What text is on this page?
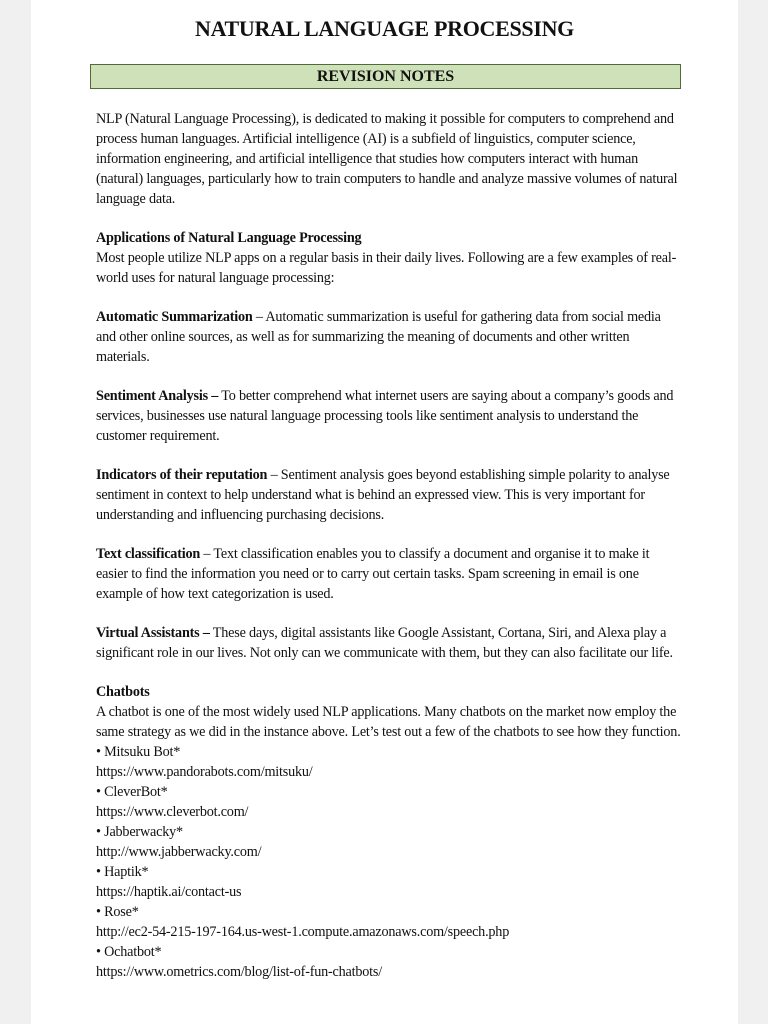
NATURAL LANGUAGE PROCESSING
REVISION NOTES

NLP (Natural Language Processing), is dedicated to making it possible for computers to comprehend and process human languages. Artificial intelligence (AI) is a subfield of linguistics, computer science, information engineering, and artificial intelligence that studies how computers interact with human (natural) languages, particularly how to train computers to handle and analyze massive volumes of natural language data.

Applications of Natural Language Processing
Most people utilize NLP apps on a regular basis in their daily lives. Following are a few examples of real-world uses for natural language processing:

Automatic Summarization – Automatic summarization is useful for gathering data from social media and other online sources, as well as for summarizing the meaning of documents and other written materials.

Sentiment Analysis – To better comprehend what internet users are saying about a company’s goods and services, businesses use natural language processing tools like sentiment analysis to understand the customer requirement.

Indicators of their reputation – Sentiment analysis goes beyond establishing simple polarity to analyse sentiment in context to help understand what is behind an expressed view. This is very important for understanding and influencing purchasing decisions.

Text classification – Text classification enables you to classify a document and organise it to make it easier to find the information you need or to carry out certain tasks. Spam screening in email is one example of how text categorization is used.

Virtual Assistants – These days, digital assistants like Google Assistant, Cortana, Siri, and Alexa play a significant role in our lives. Not only can we communicate with them, but they can also facilitate our life.

Chatbots
A chatbot is one of the most widely used NLP applications. Many chatbots on the market now employ the same strategy as we did in the instance above. Let’s test out a few of the chatbots to see how they function.
• Mitsuku Bot*
https://www.pandorabots.com/mitsuku/
• CleverBot*
https://www.cleverbot.com/
• Jabberwacky*
http://www.jabberwacky.com/
• Haptik*
https://haptik.ai/contact-us
• Rose*
http://ec2-54-215-197-164.us-west-1.compute.amazonaws.com/speech.php
• Ochatbot*
https://www.ometrics.com/blog/list-of-fun-chatbots/
